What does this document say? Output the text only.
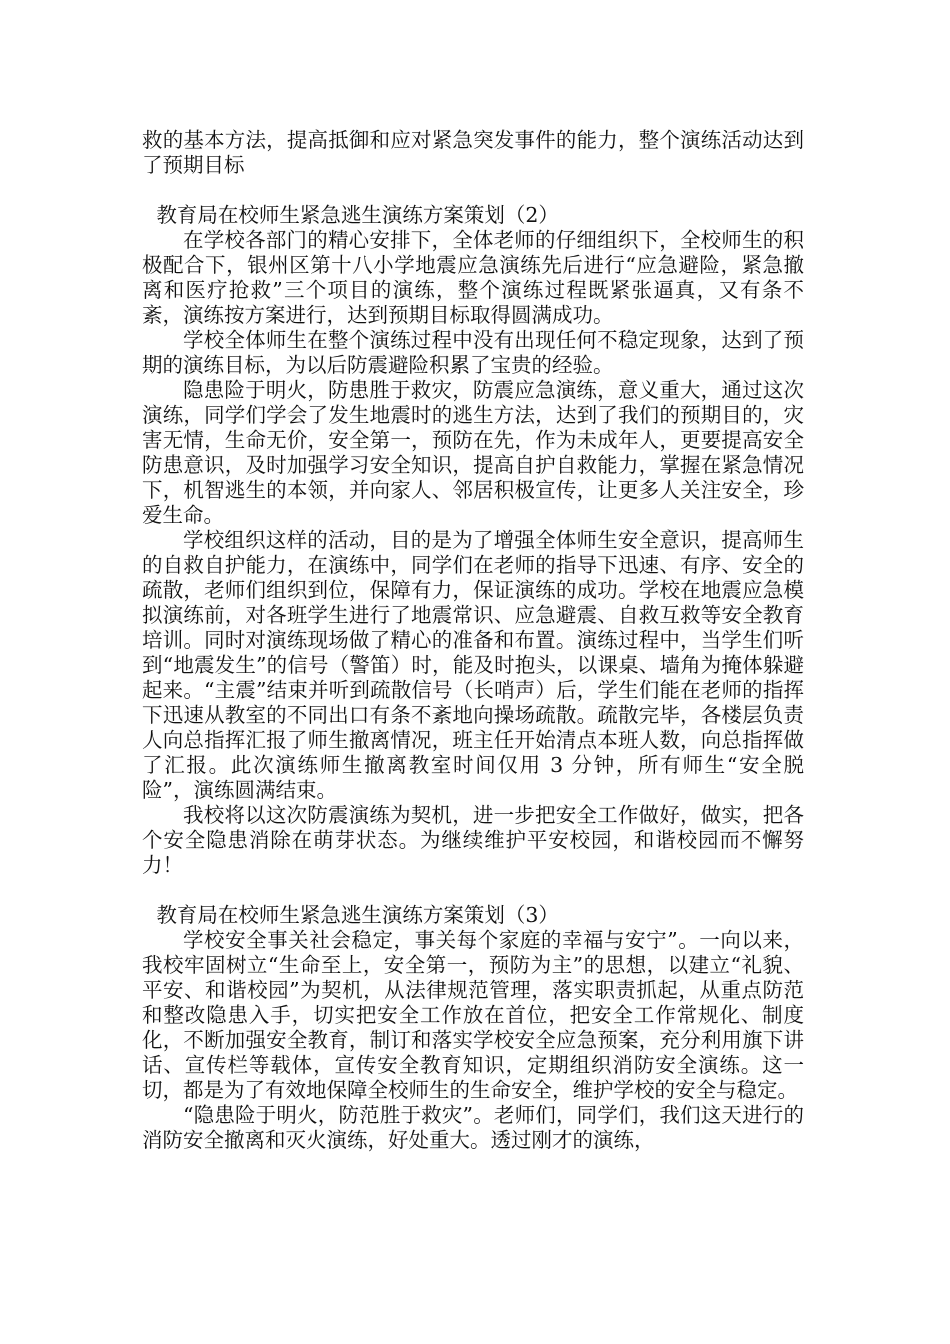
救的基本方法，提高抵御和应对紧急突发事件的能力，整个演练活动达到了预期目标

教育局在校师生紧急逃生演练方案策划（2）

在学校各部门的精心安排下，全体老师的仔细组织下，全校师生的积极配合下，银州区第十八小学地震应急演练先后进行“应急避险，紧急撤离和医疗抢救”三个项目的演练，整个演练过程既紧张逼真，又有条不紊，演练按方案进行，达到预期目标取得圆满成功。

学校全体师生在整个演练过程中没有出现任何不稳定现象，达到了预期的演练目标，为以后防震避险积累了宝贵的经验。

隐患险于明火，防患胜于救灾，防震应急演练，意义重大，通过这次演练，同学们学会了发生地震时的逃生方法，达到了我们的预期目的，灾害无情，生命无价，安全第一，预防在先，作为未成年人，更要提高安全防患意识，及时加强学习安全知识，提高自护自救能力，掌握在紧急情况下，机智逃生的本领，并向家人、邻居积极宣传，让更多人关注安全，珍爱生命。

学校组织这样的活动，目的是为了增强全体师生安全意识，提高师生的自救自护能力，在演练中，同学们在老师的指导下迅速、有序、安全的疏散，老师们组织到位，保障有力，保证演练的成功。学校在地震应急模拟演练前，对各班学生进行了地震常识、应急避震、自救互救等安全教育培训。同时对演练现场做了精心的准备和布置。演练过程中，当学生们听到“地震发生”的信号（警笛）时，能及时抱头，以课桌、墙角为掩体躲避起来。“主震”结束并听到疏散信号（长哨声）后，学生们能在老师的指挥下迅速从教室的不同出口有条不紊地向操场疏散。疏散完毕，各楼层负责人向总指挥汇报了师生撤离情况，班主任开始清点本班人数，向总指挥做了汇报。此次演练师生撤离教室时间仅用 3 分钟，所有师生“安全脱险”，演练圆满结束。

我校将以这次防震演练为契机，进一步把安全工作做好，做实，把各个安全隐患消除在萌芽状态。为继续维护平安校园，和谐校园而不懈努力！

教育局在校师生紧急逃生演练方案策划（3）

学校安全事关社会稳定，事关每个家庭的幸福与安宁”。一向以来，我校牢固树立“生命至上，安全第一，预防为主”的思想，以建立“礼貌、平安、和谐校园”为契机，从法律规范管理，落实职责抓起，从重点防范和整改隐患入手，切实把安全工作放在首位，把安全工作常规化、制度化，不断加强安全教育，制订和落实学校安全应急预案，充分利用旗下讲话、宣传栏等载体，宣传安全教育知识，定期组织消防安全演练。这一切，都是为了有效地保障全校师生的生命安全，维护学校的安全与稳定。

“隐患险于明火，防范胜于救灾”。老师们，同学们，我们这天进行的消防安全撤离和灭火演练，好处重大。透过刚才的演练，
